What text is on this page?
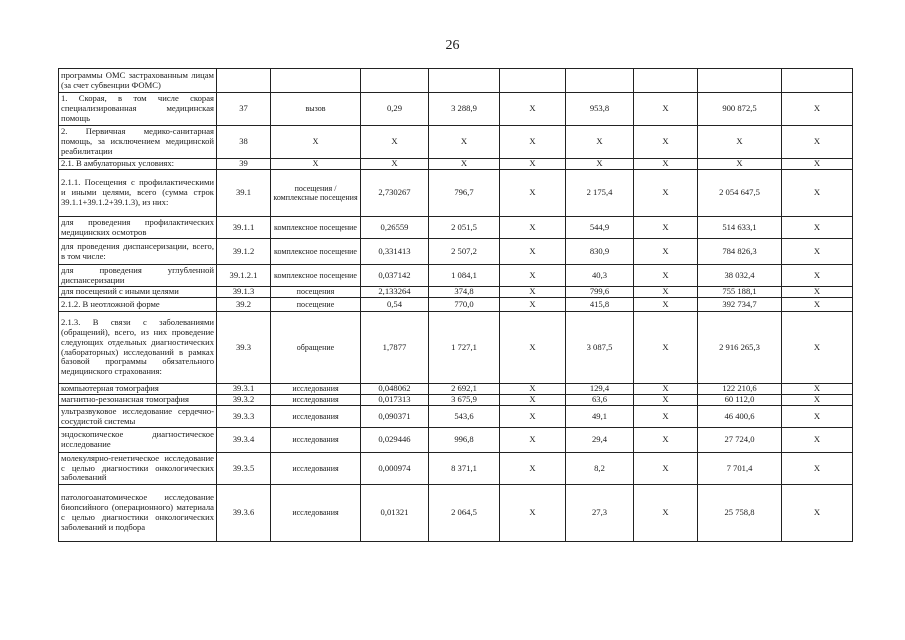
26
программы ОМС застрахованным лицам (за счет субвенции ФОМС)									
1. Скорая, в том числе скорая специализированная медицинская помощь	37	вызов	0,29	3 288,9	X	953,8	X	900 872,5	X
2. Первичная медико-санитарная помощь, за исключением медицинской реабилитации	38	X	X	X	X	X	X	X	X
2.1. В амбулаторных условиях:	39	X	X	X	X	X	X	X	X
2.1.1. Посещения с профилактическими и иными целями, всего (сумма строк 39.1.1+39.1.2+39.1.3), из них:	39.1	посещения / комплексные посещения	2,730267	796,7	X	2 175,4	X	2 054 647,5	X
для проведения профилактических медицинских осмотров	39.1.1	комплексное посещение	0,26559	2 051,5	X	544,9	X	514 633,1	X
для проведения диспансеризации, всего, в том числе:	39.1.2	комплексное посещение	0,331413	2 507,2	X	830,9	X	784 826,3	X
для проведения углубленной диспансеризации	39.1.2.1	комплексное посещение	0,037142	1 084,1	X	40,3	X	38 032,4	X
для посещений с иными целями	39.1.3	посещения	2,133264	374,8	X	799,6	X	755 188,1	X
2.1.2. В неотложной форме	39.2	посещение	0,54	770,0	X	415,8	X	392 734,7	X
2.1.3. В связи с заболеваниями (обращений), всего, из них проведение следующих отдельных диагностических (лабораторных) исследований в рамках базовой программы обязательного медицинского страхования:	39.3	обращение	1,7877	1 727,1	X	3 087,5	X	2 916 265,3	X
компьютерная томография	39.3.1	исследования	0,048062	2 692,1	X	129,4	X	122 210,6	X
магнитно-резонансная томография	39.3.2	исследования	0,017313	3 675,9	X	63,6	X	60 112,0	X
ультразвуковое исследование сердечно-сосудистой системы	39.3.3	исследования	0,090371	543,6	X	49,1	X	46 400,6	X
эндоскопическое диагностическое исследование	39.3.4	исследования	0,029446	996,8	X	29,4	X	27 724,0	X
молекулярно-генетическое исследование с целью диагностики онкологических заболеваний	39.3.5	исследования	0,000974	8 371,1	X	8,2	X	7 701,4	X
патологоанатомическое исследование биопсийного (операционного) материала с целью диагностики онкологических заболеваний и подбора	39.3.6	исследования	0,01321	2 064,5	X	27,3	X	25 758,8	X
